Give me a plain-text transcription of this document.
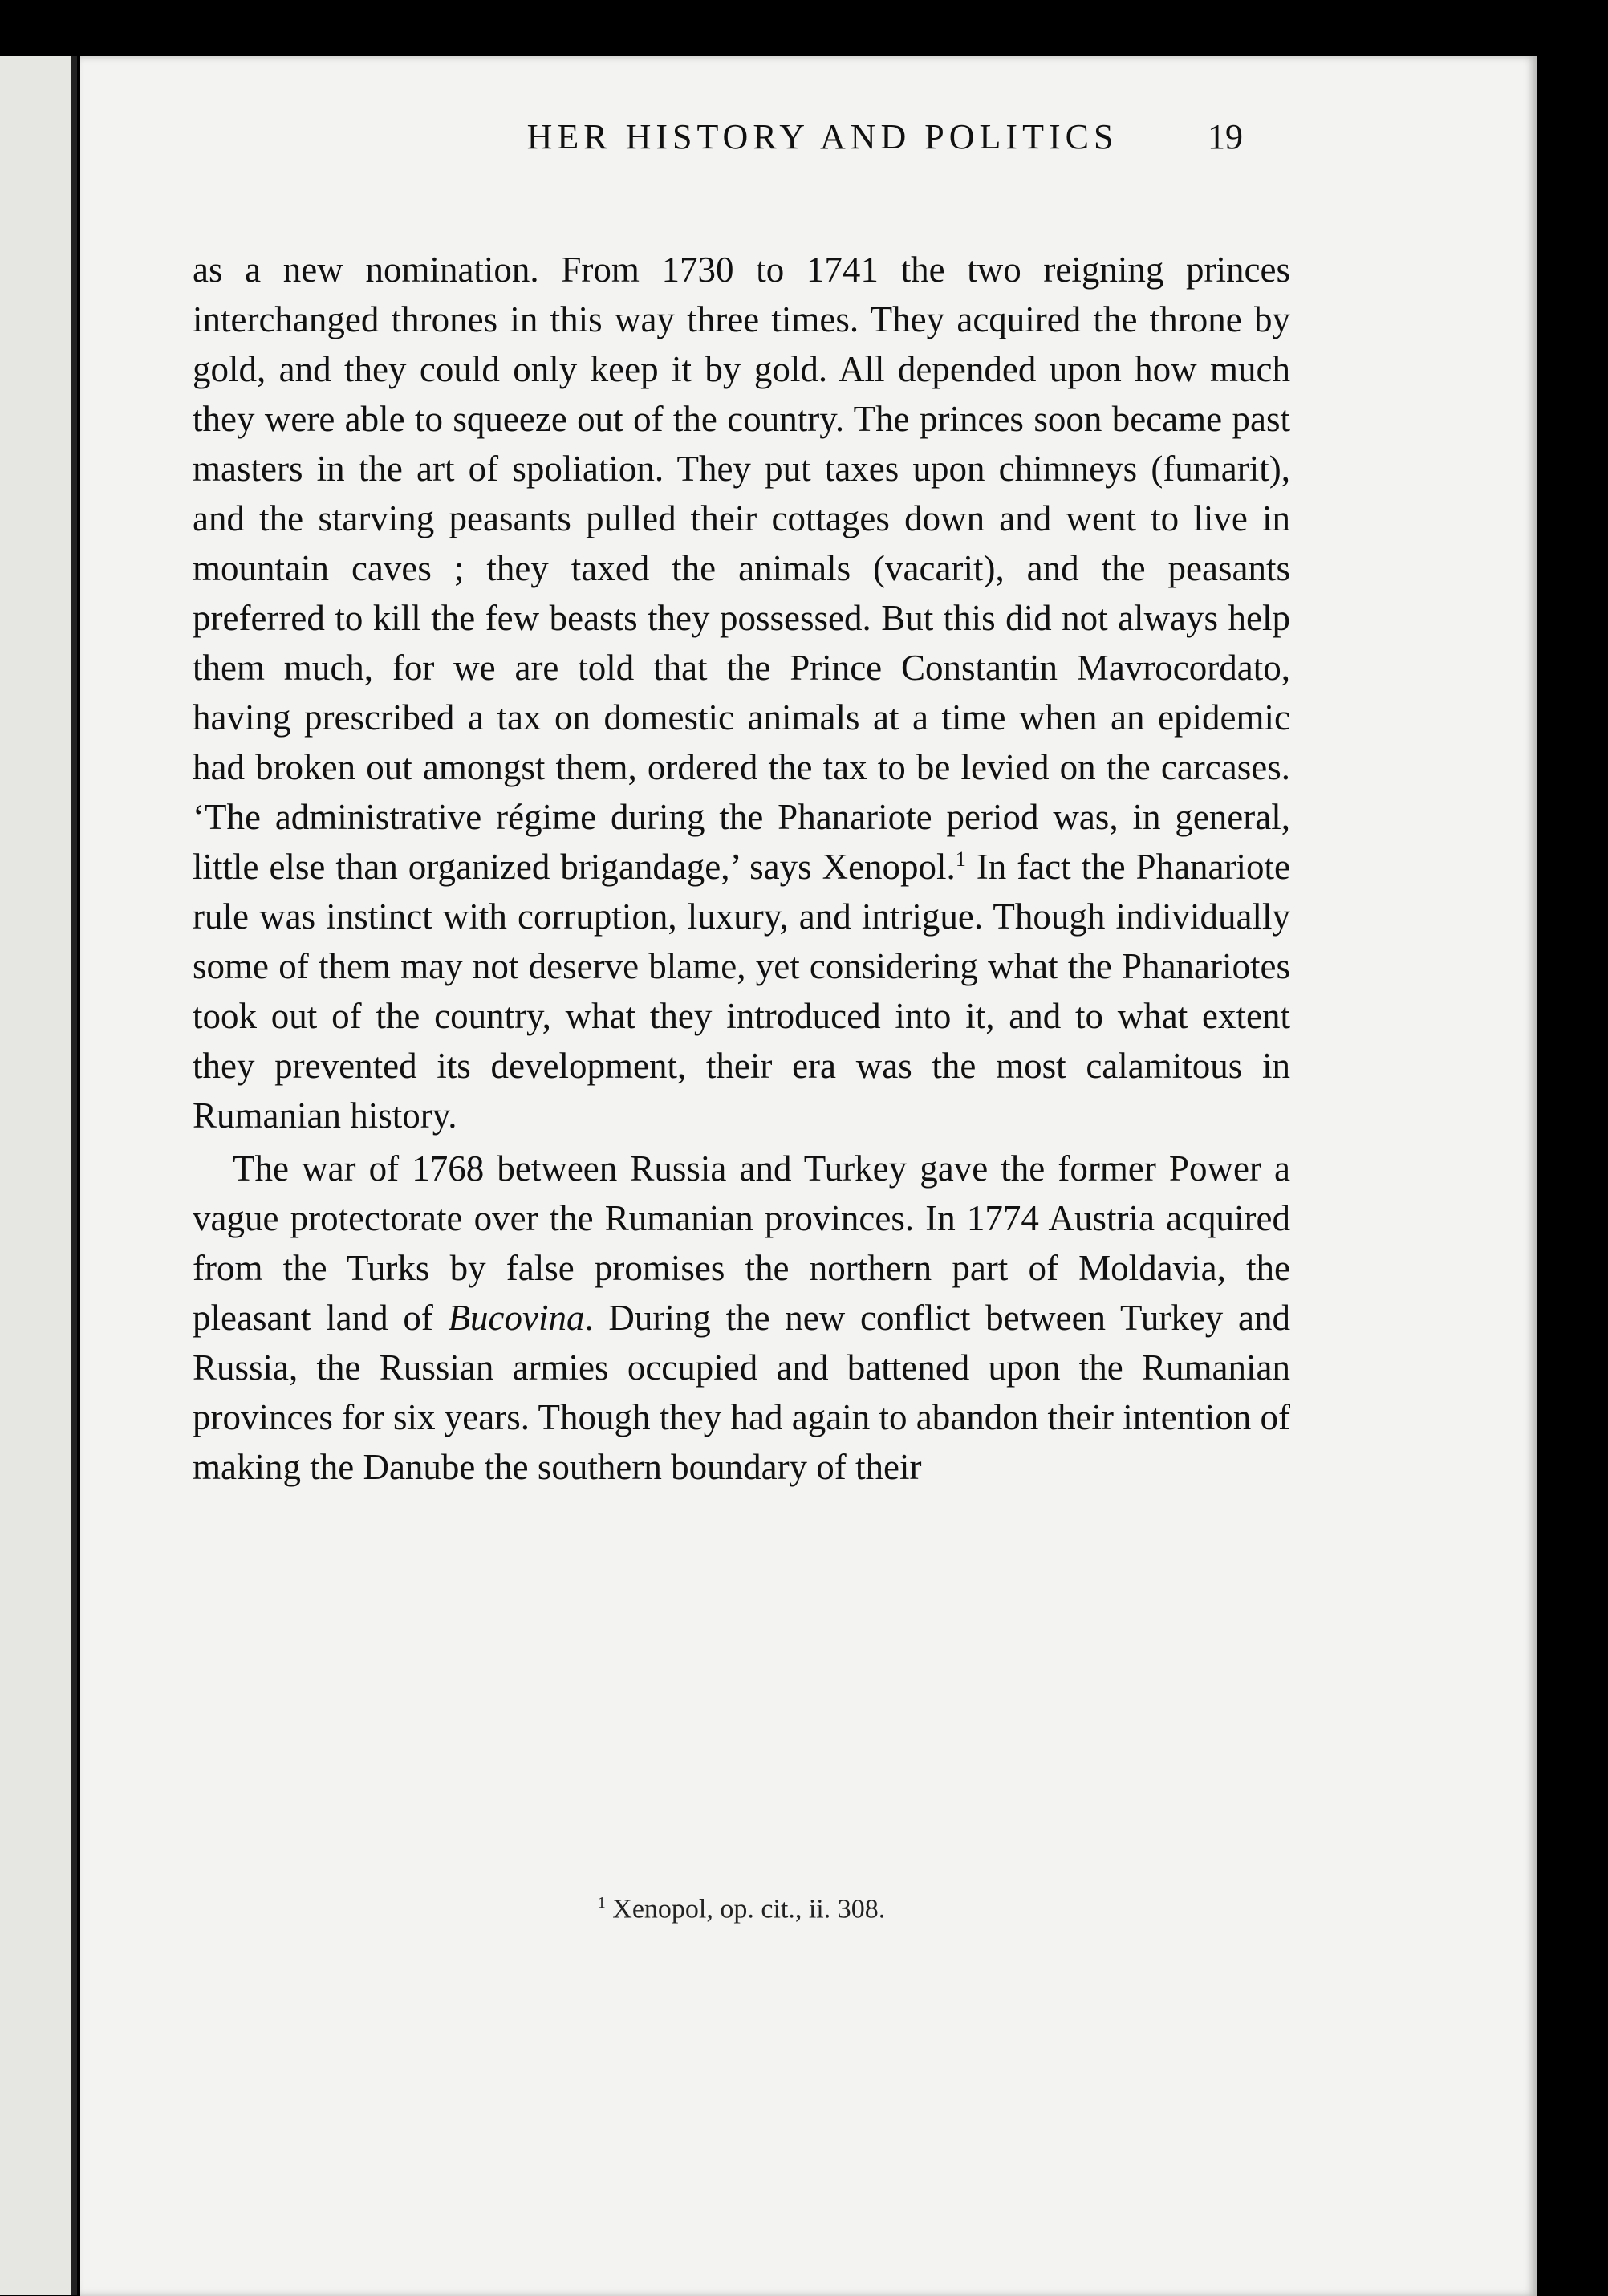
HER HISTORY AND POLITICS	19

as a new nomination. From 1730 to 1741 the two reigning princes interchanged thrones in this way three times. They acquired the throne by gold, and they could only keep it by gold. All depended upon how much they were able to squeeze out of the country. The princes soon became past masters in the art of spoliation. They put taxes upon chimneys (fumarit), and the starving peasants pulled their cottages down and went to live in mountain caves ; they taxed the animals (vacarit), and the peasants preferred to kill the few beasts they possessed. But this did not always help them much, for we are told that the Prince Constantin Mavrocordato, having prescribed a tax on domestic animals at a time when an epidemic had broken out amongst them, ordered the tax to be levied on the carcases. ‘The administrative régime during the Phanariote period was, in general, little else than organized brigandage,’ says Xenopol.$^1$ In fact the Phanariote rule was instinct with corruption, luxury, and intrigue. Though individually some of them may not deserve blame, yet considering what the Phanariotes took out of the country, what they introduced into it, and to what extent they prevented its development, their era was the most calamitous in Rumanian history.

The war of 1768 between Russia and Turkey gave the former Power a vague protectorate over the Rumanian provinces. In 1774 Austria acquired from the Turks by false promises the northern part of Moldavia, the pleasant land of Bucovina. During the new conflict between Turkey and Russia, the Russian armies occupied and battened upon the Rumanian provinces for six years. Though they had again to abandon their intention of making the Danube the southern boundary of their

$^1$ Xenopol, op. cit., ii. 308.
